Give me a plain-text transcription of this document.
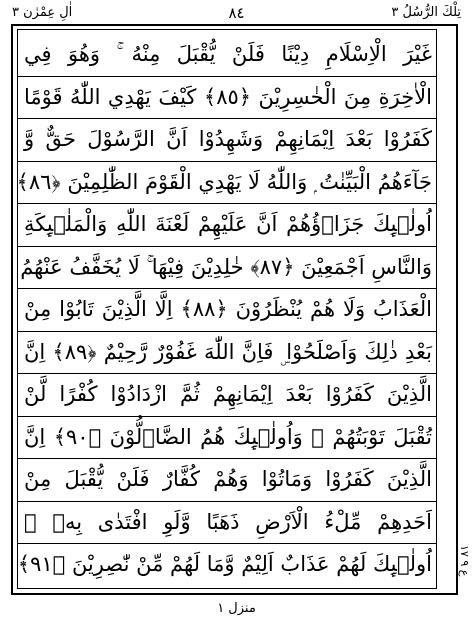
تِلْكَ الرُّسُلُ ٣
٨٤
اٰلِ عِمْرٰن ٣
غَيْرَ الْاِسْلَامِ دِيْنًا فَلَنْ يُّقْبَلَ مِنْهُ ۚ وَهُوَ فِي
الْاٰخِرَةِ مِنَ الْخٰسِرِيْنَ ﴿٨٥﴾ كَيْفَ يَهْدِي اللّٰهُ قَوْمًا
كَفَرُوْا بَعْدَ اِيْمَانِهِمْ وَشَهِدُوْا اَنَّ الرَّسُوْلَ حَقٌّ وَّ
جَآءَهُمُ الْبَيِّنٰتُ ۭ وَاللّٰهُ لَا يَهْدِي الْقَوْمَ الظّٰلِمِيْنَ ﴿٨٦﴾
اُولٰۗىِٕكَ جَزَاۗؤُهُمْ اَنَّ عَلَيْهِمْ لَعْنَةَ اللّٰهِ وَالْمَلٰۗىِٕكَةِ
وَالنَّاسِ اَجْمَعِيْنَ ﴿٨٧﴾ خٰلِدِيْنَ فِيْهَا ۚ لَا يُخَفَّفُ عَنْهُمُ
الْعَذَابُ وَلَا هُمْ يُنْظَرُوْنَ ﴿٨٨﴾ اِلَّا الَّذِيْنَ تَابُوْا مِنْ
بَعْدِ ذٰلِكَ وَاَصْلَحُوْا ۣ فَاِنَّ اللّٰهَ غَفُوْرٌ رَّحِيْمٌ ﴿٨٩﴾ اِنَّ
الَّذِيْنَ كَفَرُوْا بَعْدَ اِيْمَانِهِمْ ثُمَّ ازْدَادُوْا كُفْرًا لَّنْ
تُقْبَلَ تَوْبَتُھُمْ ۚ وَاُولٰۗىِٕكَ ھُمُ الضَّاۗلُّوْنَ ﴿٩٠﴾ اِنَّ
الَّذِيْنَ كَفَرُوْا وَمَاتُوْا وَھُمْ كُفَّارٌ فَلَنْ يُّقْبَلَ مِنْ
اَحَدِھِمْ مِّلْءُ الْاَرْضِ ذَھَبًا وَّلَوِ افْتَدٰى بِهٖ ۭ
اُولٰۗىِٕكَ لَھُمْ عَذَابٌ اَلِيْمٌ وَّمَا لَھُمْ مِّنْ نّٰصِرِيْنَ ﴿٩١﴾
ع ٩ ١٧
منزل ١
